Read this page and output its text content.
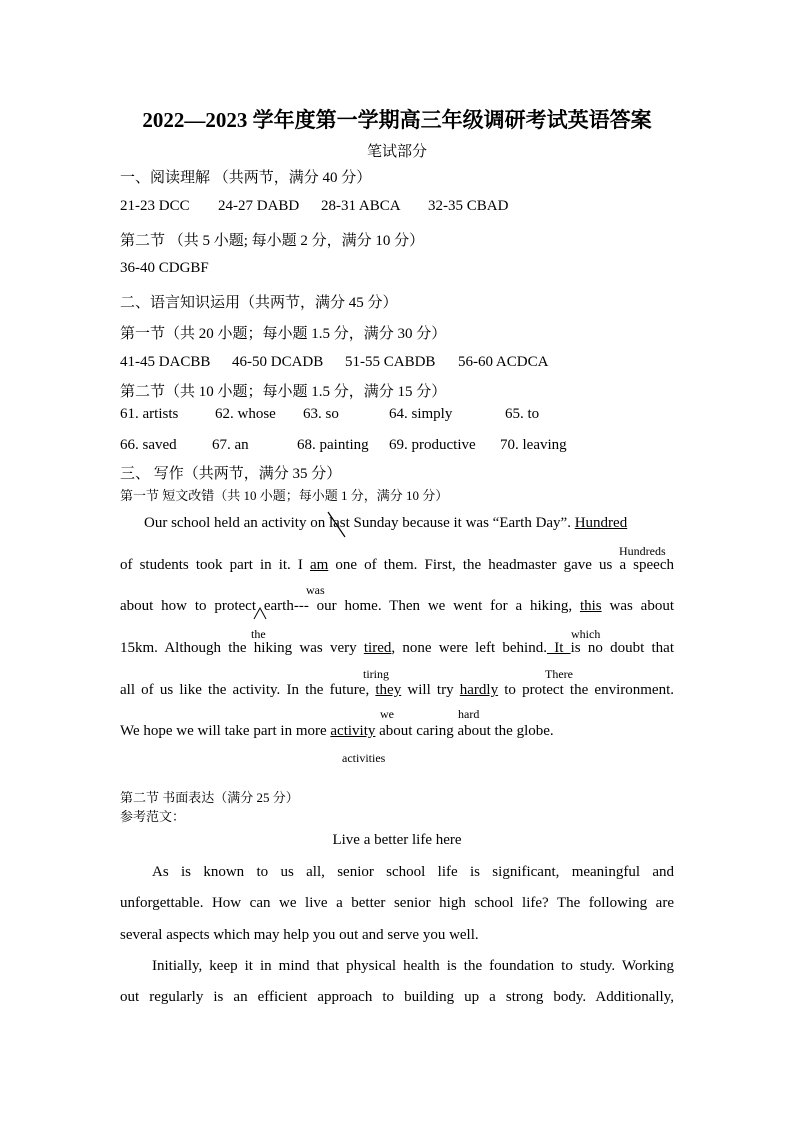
2022—2023 学年度第一学期高三年级调研考试英语答案
笔试部分
一、阅读理解 （共两节，满分 40 分）
21-23 DCC 24-27 DABD 28-31 ABCA 32-35 CBAD
第二节 （共 5 小题; 每小题 2 分，满分 10 分）
36-40 CDGBF
二、语言知识运用（共两节，满分 45 分）
第一节（共 20 小题；每小题 1.5 分，满分 30 分）
41-45 DACBB 46-50 DCADB 51-55 CABDB 56-60 ACDCA
第二节（共 10 小题；每小题 1.5 分，满分 15 分）
61. artists 62. whose 63. so	64. simply	65. to
66. saved 67. an	68. painting 69. productive 70. leaving
三、 写作（共两节，满分 35 分）
第一节 短文改错（共 10 小题；每小题 1 分，满分 10 分）
Our school held an activity on last Sunday because it was “Earth Day”. Hundred
Hundreds
of students took part in it. I am one of them. First, the headmaster gave us a speech
was
about how to protect earth--- our home. Then we went for a hiking, this was about
the	which
15km. Although the hiking was very tired, none were left behind. It is no doubt that
tiring	There
all of us like the activity. In the future, they will try hardly to protect the environment.
we	hard
We hope we will take part in more activity about caring about the globe.
activities
第二节 书面表达（满分 25 分）
参考范文：
Live a better life here
As is known to us all, senior school life is significant, meaningful and
unforgettable. How can we live a better senior high school life? The following are
several aspects which may help you out and serve you well.
Initially, keep it in mind that physical health is the foundation to study. Working
out regularly is an efficient approach to building up a strong body. Additionally,
